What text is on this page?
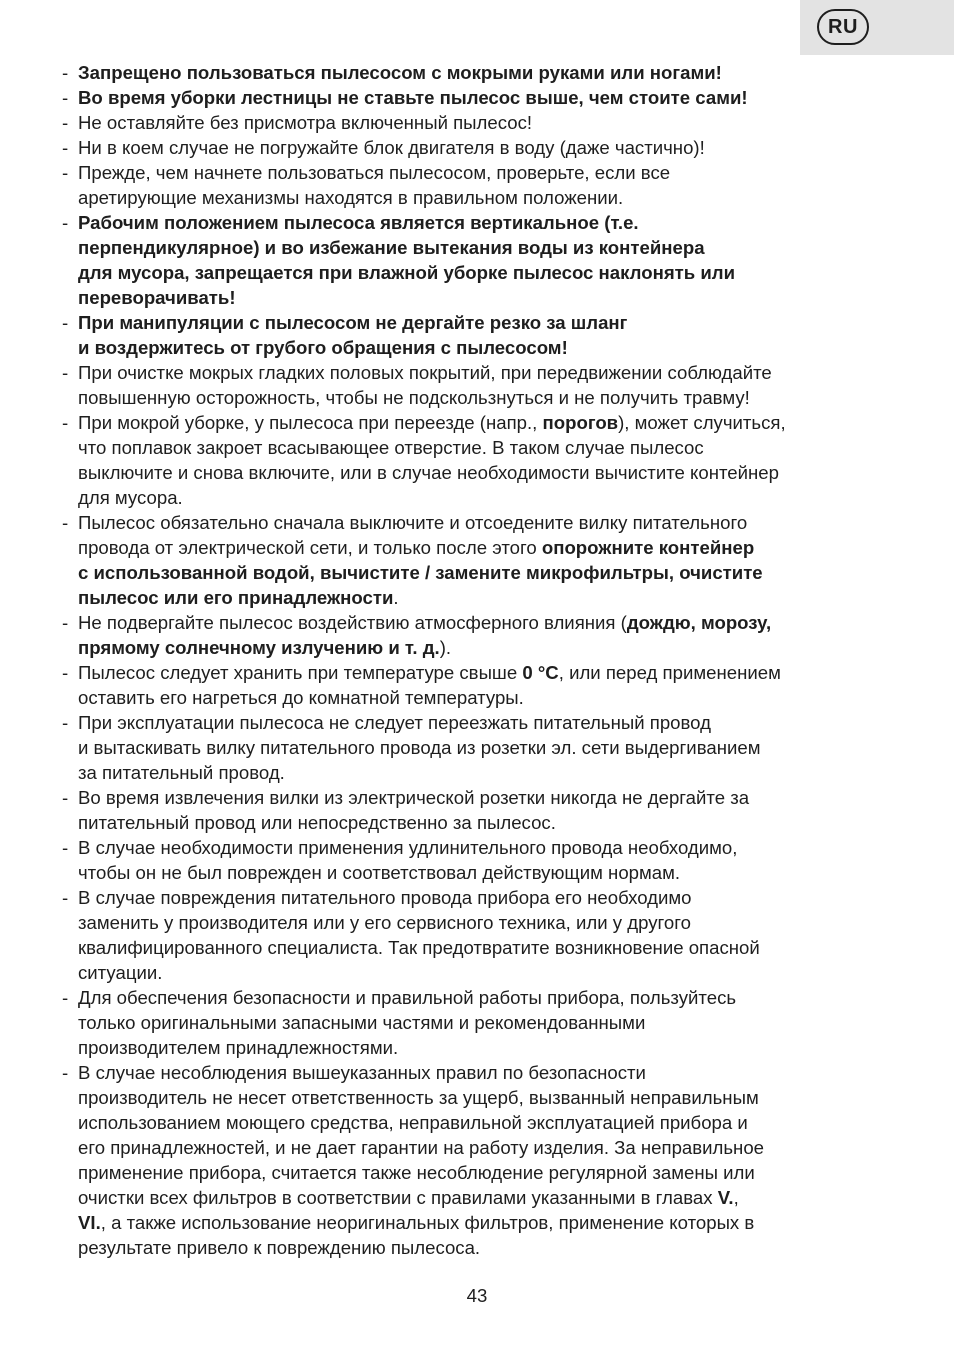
RU
- Запрещено пользоваться пылесосом с мокрыми руками или ногами!
- Во время уборки лестницы не ставьте пылесос выше, чем стоите сами!
- Не оставляйте без присмотра включенный пылесос!
- Ни в коем случае не погружайте блок двигателя в воду (даже частично)!
- Прежде, чем начнете пользоваться пылесосом, проверьте, если все
аретирующие механизмы находятся в правильном положении.
- Рабочим положением пылесоса является вертикальное (т.е.
перпендикулярное) и во избежание вытекания воды из контейнера
для мусора, запрещается при влажной уборке пылесос наклонять или
переворачивать!
- При манипуляции с пылесосом не дергайте резко за шланг
и воздержитесь от грубого обращения с пылесосом!
- При очистке мокрых гладких половых покрытий, при передвижении соблюдайте
повышенную осторожность, чтобы не подскользнуться и не получить травму!
- При мокрой уборке, у пылесоса при переезде (напр., порогов), может случиться,
что поплавок закроет всасывающее отверстие. В таком случае пылесос
выключите и снова включите, или в случае необходимости вычистите контейнер
для мусора.
- Пылесос обязательно сначала выключите и отсоедените вилку питательного
провода от электрической сети, и только после этого опорожните контейнер
с использованной водой, вычистите / замените микрофильтры, очистите
пылесос или его принадлежности.
- Не подвергайте пылесос воздействию атмосферного влияния (дождю, морозу,
прямому солнечному излучению и т. д.).
- Пылесос следует хранить при температуре свыше 0 °C, или перед применением
оставить его нагреться до комнатной температуры.
- При эксплуатации пылесоса не следует переезжать питательный провод
и вытаскивать вилку питательного провода из розетки эл. сети выдергиванием
за питательный провод.
- Во время извлечения вилки из электрической розетки никогда не дергайте за
питательный провод или непосредственно за пылесос.
- В случае необходимости применения удлинительного провода необходимо,
чтобы он не был поврежден и соответствовал действующим нормам.
- В случае повреждения питательного провода прибора его необходимо
заменить у производителя или у его сервисного техника, или у другого
квалифицированного специалиста. Так предотвратите возникновение опасной
ситуации.
- Для обеспечения безопасности и правильной работы прибора, пользуйтесь
только оригинальными запасными частями и рекомендованными
производителем принадлежностями.
- В случае несоблюдения вышеуказанных правил по безопасности
производитель не несет ответственность за ущерб, вызванный неправильным
использованием моющего средства, неправильной эксплуатацией прибора и
его принадлежностей, и не дает гарантии на работу изделия. За неправильное
применение прибора, считается также несоблюдение регулярной замены или
очистки всех фильтров в соответствии с правилами указанными в главах V.,
VI., а также использование неоригинальных фильтров, применение которых в
результате привело к повреждению пылесоса.
43
